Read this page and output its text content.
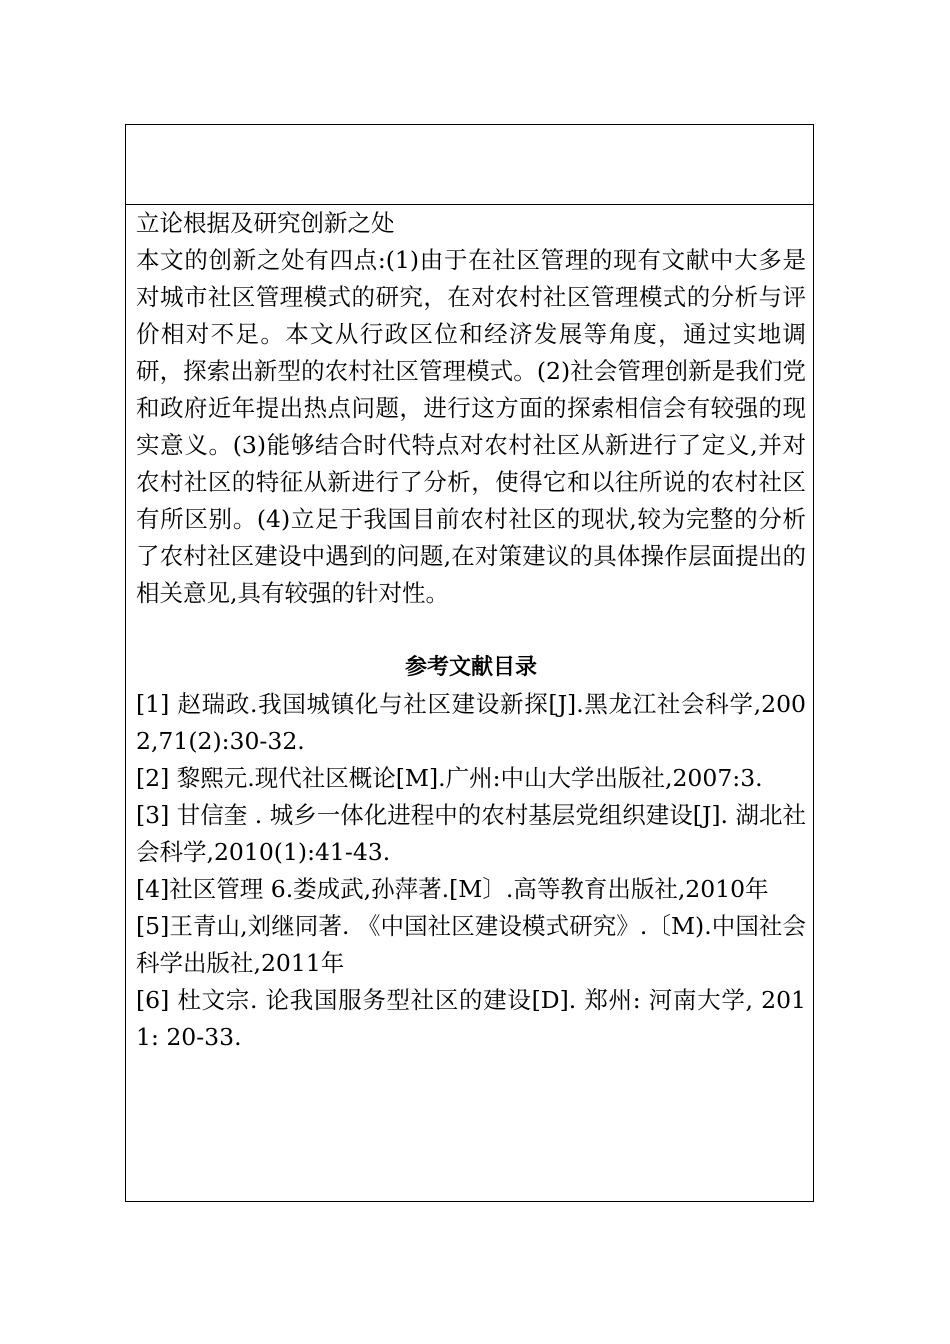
立论根据及研究创新之处

本文的创新之处有四点:(1)由于在社区管理的现有文献中大多是对城市社区管理模式的研究，在对农村社区管理模式的分析与评价相对不足。本文从行政区位和经济发展等角度，通过实地调研，探索出新型的农村社区管理模式。(2)社会管理创新是我们党和政府近年提出热点问题，进行这方面的探索相信会有较强的现实意义。(3)能够结合时代特点对农村社区从新进行了定义,并对农村社区的特征从新进行了分析，使得它和以往所说的农村社区有所区别。(4)立足于我国目前农村社区的现状,较为完整的分析了农村社区建设中遇到的问题,在对策建议的具体操作层面提出的相关意见,具有较强的针对性。

参考文献目录

[1] 赵瑞政.我国城镇化与社区建设新探[J].黑龙江社会科学,2002,71(2):30-32.

[2] 黎熙元.现代社区概论[M].广州:中山大学出版社,2007:3.

[3] 甘信奎 . 城乡一体化进程中的农村基层党组织建设[J]. 湖北社会科学,2010(1):41-43.

[4]社区管理 6.娄成武,孙萍著.[M〕.高等教育出版社,2010年

[5]王青山,刘继同著. 《中国社区建设模式研究》.〔M).中国社会科学出版社,2011年

[6] 杜文宗. 论我国服务型社区的建设[D]. 郑州: 河南大学, 2011: 20-33.
